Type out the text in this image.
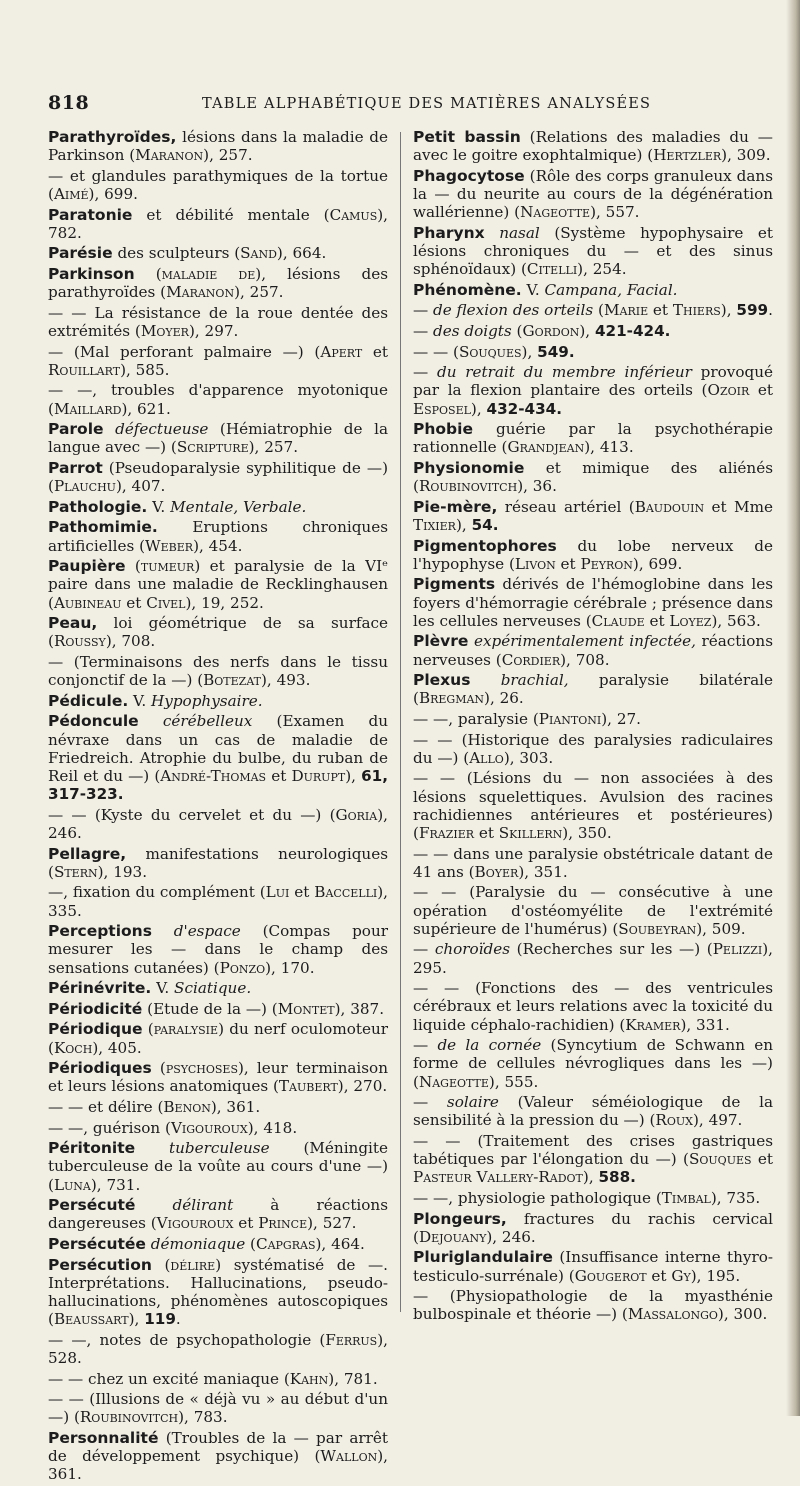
818	TABLE ALPHABÉTIQUE DES MATIÈRES ANALYSÉES

Parathyroïdes, lésions dans la maladie de Parkinson (Maranon), 257.

— et glandules parathymiques de la tortue (Aimé), 699.

Paratonie et débilité mentale (Camus), 782.

Parésie des sculpteurs (Sand), 664.

Parkinson (maladie de), lésions des parathyroïdes (Maranon), 257.

— — La résistance de la roue dentée des extrémités (Moyer), 297.

— (Mal perforant palmaire —) (Apert et Rouillart), 585.

— —, troubles d'apparence myotonique (Maillard), 621.

Parole défectueuse (Hémiatrophie de la langue avec —) (Scripture), 257.

Parrot (Pseudoparalysie syphilitique de —) (Plauchu), 407.

Pathologie. V. Mentale, Verbale.

Pathomimie. Eruptions chroniques artificielles (Weber), 454.

Paupière (tumeur) et paralysie de la VIᵉ paire dans une maladie de Recklinghausen (Aubineau et Civel), 19, 252.

Peau, loi géométrique de sa surface (Roussy), 708.

— (Terminaisons des nerfs dans le tissu conjonctif de la —) (Botezat), 493.

Pédicule. V. Hypophysaire.

Pédoncule cérébelleux (Examen du névraxe dans un cas de maladie de Friedreich. Atrophie du bulbe, du ruban de Reil et du —) (André-Thomas et Durupt), 61, 317-323.

— — (Kyste du cervelet et du —) (Goria), 246.

Pellagre, manifestations neurologiques (Stern), 193.

—, fixation du complément (Lui et Baccelli), 335.

Perceptions d'espace (Compas pour mesurer les — dans le champ des sensations cutanées) (Ponzo), 170.

Périnévrite. V. Sciatique.

Périodicité (Etude de la —) (Montet), 387.

Périodique (paralysie) du nerf oculomoteur (Koch), 405.

Périodiques (psychoses), leur terminaison et leurs lésions anatomiques (Taubert), 270.

— — et délire (Benon), 361.

— —, guérison (Vigouroux), 418.

Péritonite tuberculeuse (Méningite tuberculeuse de la voûte au cours d'une —) (Luna), 731.

Persécuté délirant à réactions dangereuses (Vigouroux et Prince), 527.

Persécutée démoniaque (Capgras), 464.

Persécution (délire) systématisé de —. Interprétations. Hallucinations, pseudo-hallucinations, phénomènes autoscopiques (Beaussart), 119.

— —, notes de psychopathologie (Ferrus), 528.

— — chez un excité maniaque (Kahn), 781.

— — (Illusions de « déjà vu » au début d'un —) (Roubinovitch), 783.

Personnalité (Troubles de la — par arrêt de développement psychique) (Wallon), 361.

Petit bassin (Relations des maladies du — avec le goitre exophtalmique) (Hertzler), 309.

Phagocytose (Rôle des corps granuleux dans la — du neurite au cours de la dégénération wallérienne) (Nageotte), 557.

Pharynx nasal (Système hypophysaire et lésions chroniques du — et des sinus sphénoïdaux) (Citelli), 254.

Phénomène. V. Campana, Facial.

— de flexion des orteils (Marie et Thiers), 599.

— des doigts (Gordon), 421-424.

— — (Souques), 549.

— du retrait du membre inférieur provoqué par la flexion plantaire des orteils (Ozoir et Esposel), 432-434.

Phobie guérie par la psychothérapie rationnelle (Grandjean), 413.

Physionomie et mimique des aliénés (Roubinovitch), 36.

Pie-mère, réseau artériel (Baudouin et Mme Tixier), 54.

Pigmentophores du lobe nerveux de l'hypophyse (Livon et Peyron), 699.

Pigments dérivés de l'hémoglobine dans les foyers d'hémorragie cérébrale ; présence dans les cellules nerveuses (Claude et Loyez), 563.

Plèvre expérimentalement infectée, réactions nerveuses (Cordier), 708.

Plexus brachial, paralysie bilatérale (Bregman), 26.

— —, paralysie (Piantoni), 27.

— — (Historique des paralysies radiculaires du —) (Allo), 303.

— — (Lésions du — non associées à des lésions squelettiques. Avulsion des racines rachidiennes antérieures et postérieures) (Frazier et Skillern), 350.

— — dans une paralysie obstétricale datant de 41 ans (Boyer), 351.

— — (Paralysie du — consécutive à une opération d'ostéomyélite de l'extrémité supérieure de l'humérus) (Soubeyran), 509.

— choroïdes (Recherches sur les —) (Pelizzi), 295.

— — (Fonctions des — des ventricules cérébraux et leurs relations avec la toxicité du liquide céphalo-rachidien) (Kramer), 331.

— de la cornée (Syncytium de Schwann en forme de cellules névrogliques dans les —) (Nageotte), 555.

— solaire (Valeur séméiologique de la sensibilité à la pression du —) (Roux), 497.

— — (Traitement des crises gastriques tabétiques par l'élongation du —) (Souques et Pasteur Vallery-Radot), 588.

— —, physiologie pathologique (Timbal), 735.

Plongeurs, fractures du rachis cervical (Dejouany), 246.

Pluriglandulaire (Insuffisance interne thyro-testiculo-surrénale) (Gougerot et Gy), 195.

— (Physiopathologie de la myasthénie bulbospinale et théorie —) (Massalongo), 300.
